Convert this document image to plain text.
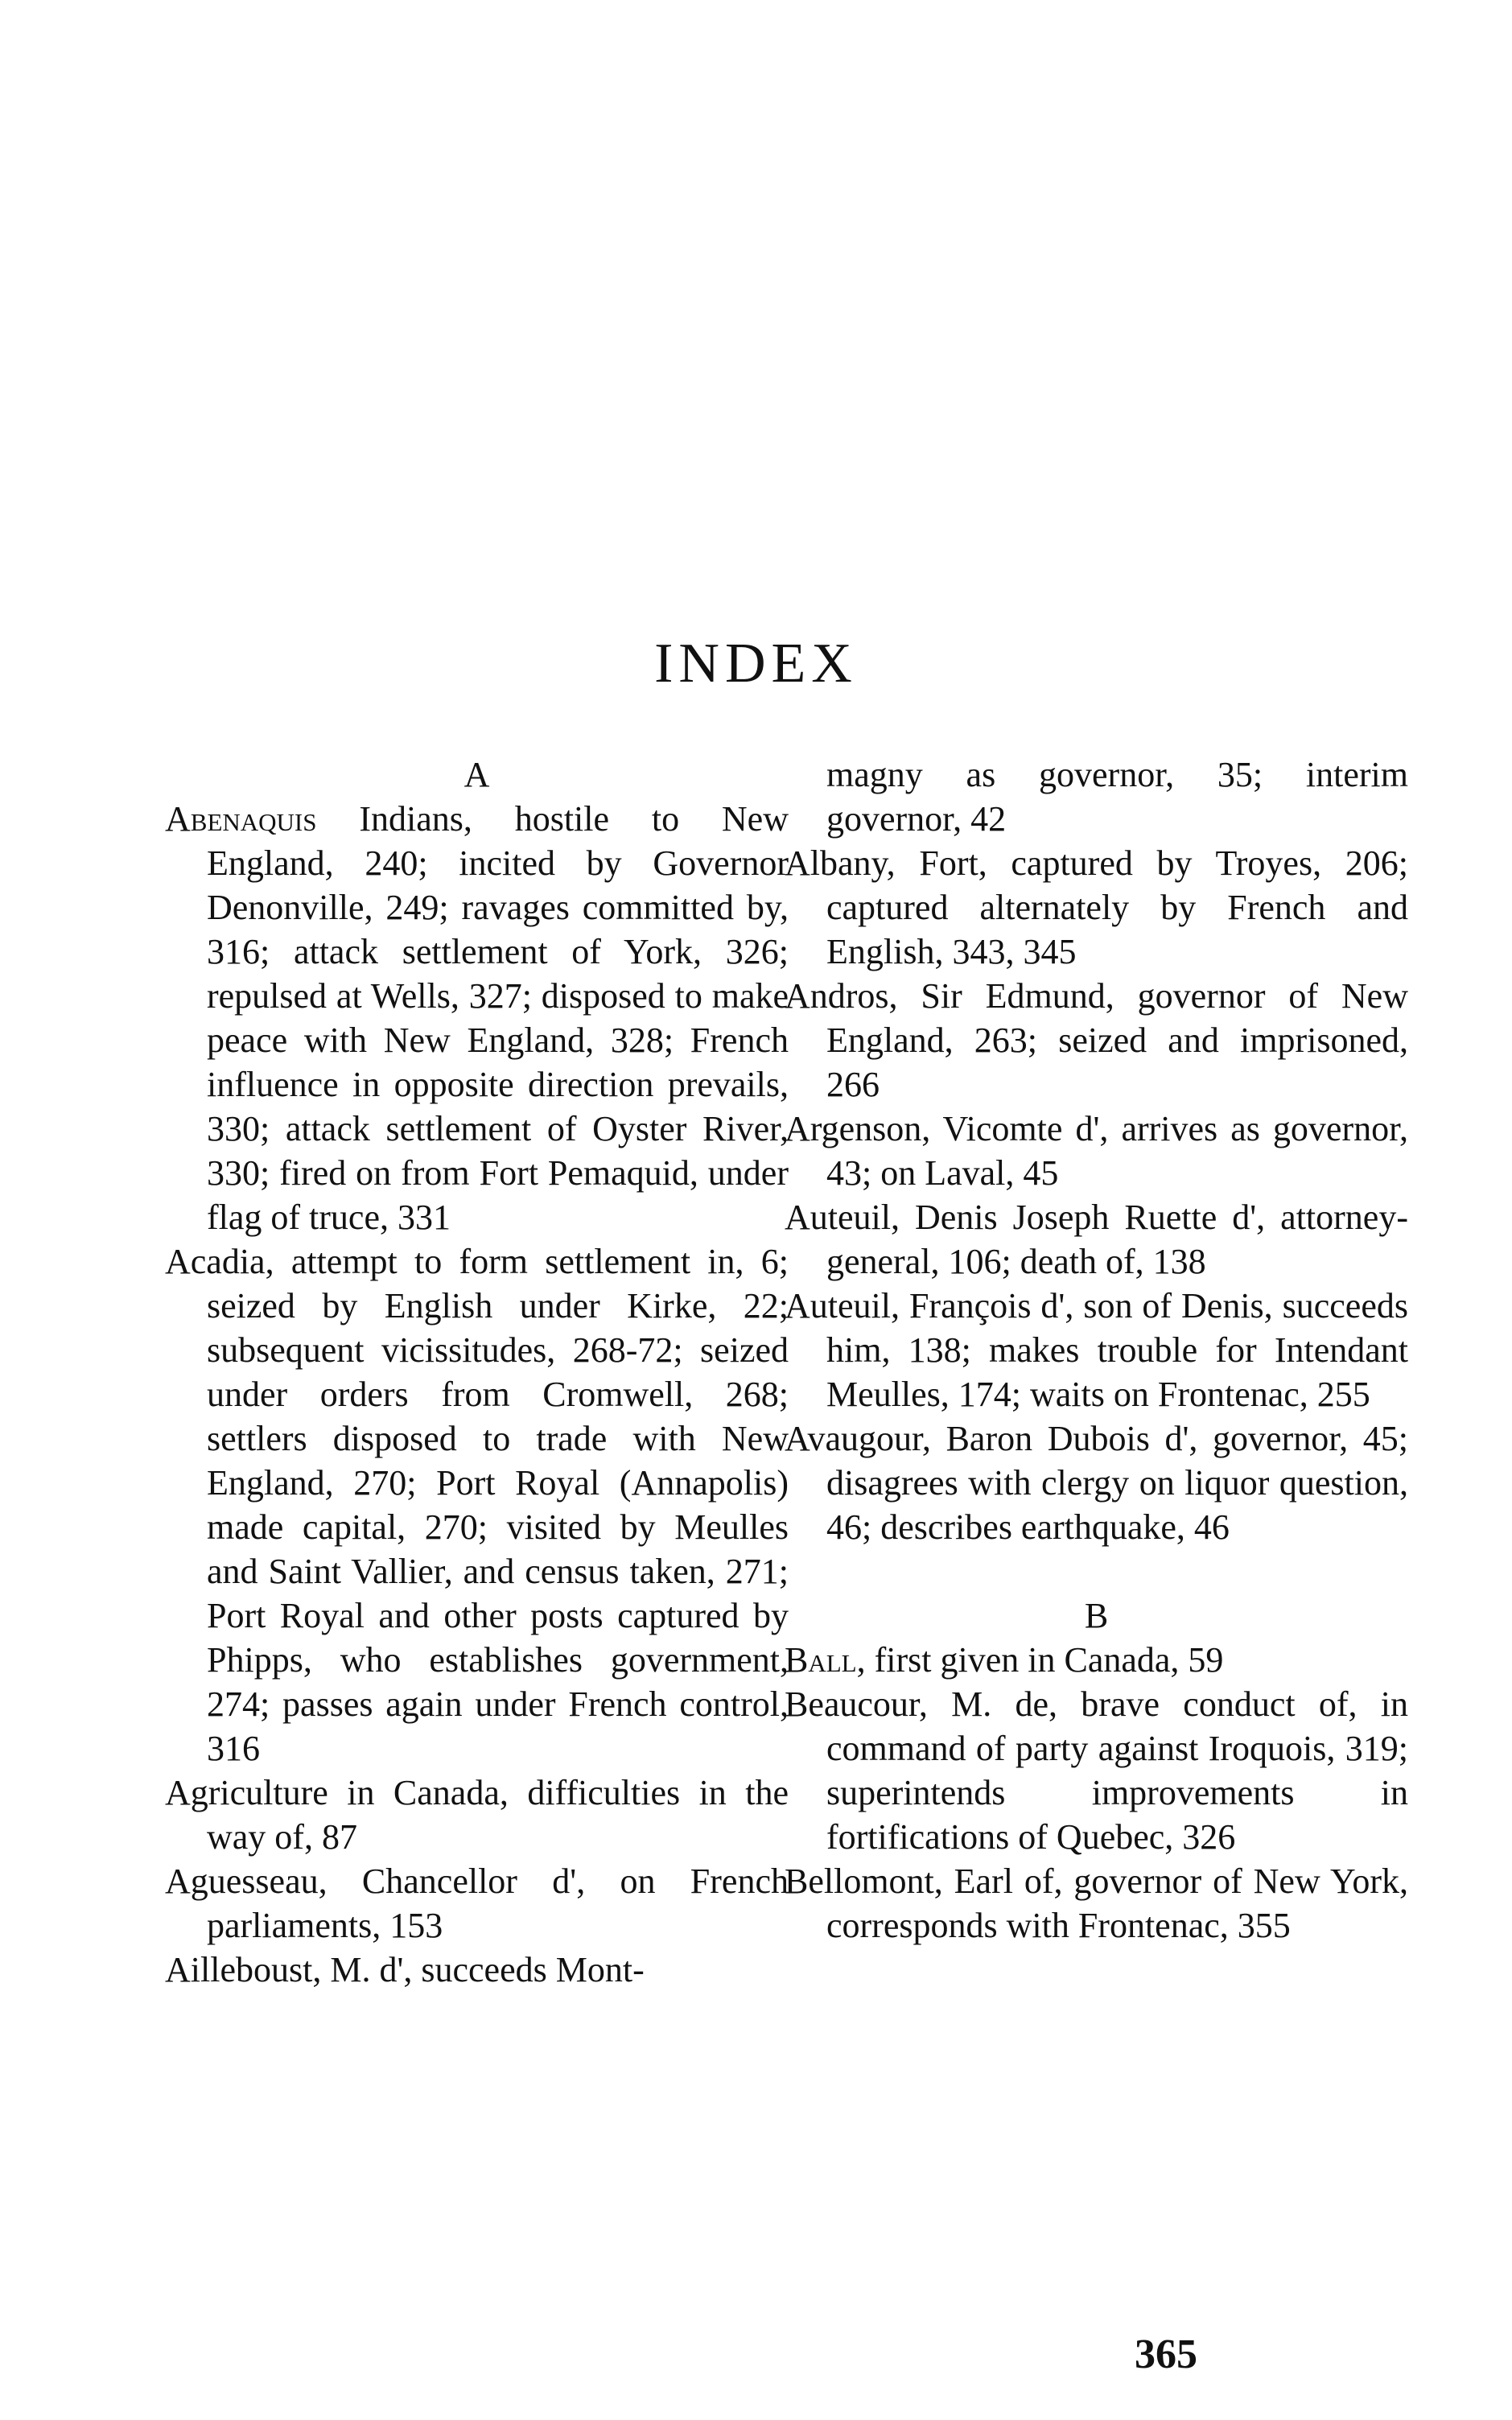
INDEX
A
Abenaquis Indians, hostile to New England, 240; incited by Governor Denonville, 249; ravages committed by, 316; attack settlement of York, 326; repulsed at Wells, 327; disposed to make peace with New England, 328; French influence in opposite direction prevails, 330; attack settlement of Oyster River, 330; fired on from Fort Pemaquid, under flag of truce, 331
Acadia, attempt to form settlement in, 6; seized by English under Kirke, 22; subsequent vicissitudes, 268-72; seized under orders from Cromwell, 268; settlers disposed to trade with New England, 270; Port Royal (Annapolis) made capital, 270; visited by Meulles and Saint Vallier, and census taken, 271; Port Royal and other posts captured by Phipps, who establishes government, 274; passes again under French control, 316
Agriculture in Canada, difficulties in the way of, 87
Aguesseau, Chancellor d', on French parliaments, 153
Ailleboust, M. d', succeeds Mont-
magny as governor, 35; interim governor, 42
Albany, Fort, captured by Troyes, 206; captured alternately by French and English, 343, 345
Andros, Sir Edmund, governor of New England, 263; seized and imprisoned, 266
Argenson, Vicomte d', arrives as governor, 43; on Laval, 45
Auteuil, Denis Joseph Ruette d', attorney-general, 106; death of, 138
Auteuil, François d', son of Denis, succeeds him, 138; makes trouble for Intendant Meulles, 174; waits on Frontenac, 255
Avaugour, Baron Dubois d', governor, 45; disagrees with clergy on liquor question, 46; describes earthquake, 46
B
Ball, first given in Canada, 59
Beaucour, M. de, brave conduct of, in command of party against Iroquois, 319; superintends improvements in fortifications of Quebec, 326
Bellomont, Earl of, governor of New York, corresponds with Frontenac, 355
365
